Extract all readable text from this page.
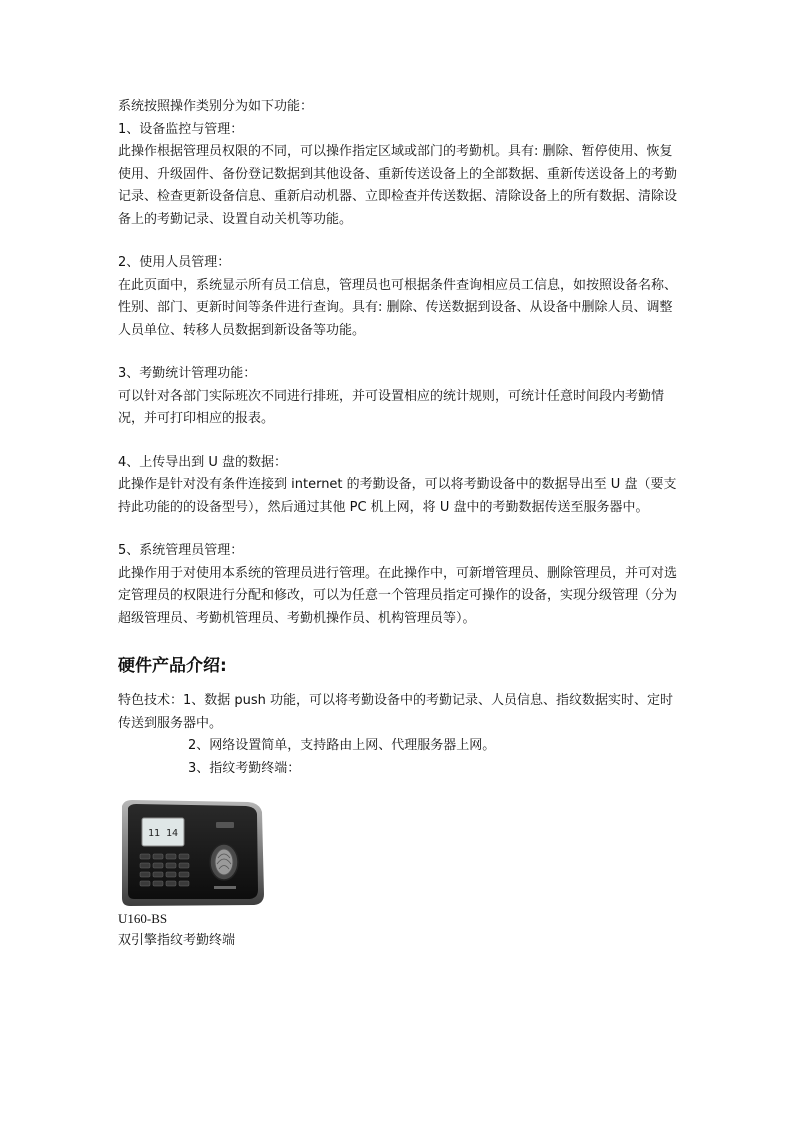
系统按照操作类别分为如下功能：

1、设备监控与管理：

此操作根据管理员权限的不同，可以操作指定区域或部门的考勤机。具有: 删除、暂停使用、恢复使用、升级固件、备份登记数据到其他设备、重新传送设备上的全部数据、重新传送设备上的考勤记录、检查更新设备信息、重新启动机器、立即检查并传送数据、清除设备上的所有数据、清除设备上的考勤记录、设置自动关机等功能。

2、使用人员管理：

在此页面中，系统显示所有员工信息，管理员也可根据条件查询相应员工信息，如按照设备名称、性别、部门、更新时间等条件进行查询。具有: 删除、传送数据到设备、从设备中删除人员、调整人员单位、转移人员数据到新设备等功能。

3、考勤统计管理功能：

可以针对各部门实际班次不同进行排班，并可设置相应的统计规则，可统计任意时间段内考勤情况，并可打印相应的报表。

4、上传导出到 U 盘的数据：

此操作是针对没有条件连接到 internet 的考勤设备，可以将考勤设备中的数据导出至 U 盘（要支持此功能的的设备型号），然后通过其他 PC 机上网，将 U 盘中的考勤数据传送至服务器中。

5、系统管理员管理：

此操作用于对使用本系统的管理员进行管理。在此操作中，可新增管理员、删除管理员，并可对选定管理员的权限进行分配和修改，可以为任意一个管理员指定可操作的设备，实现分级管理（分为超级管理员、考勤机管理员、考勤机操作员、机构管理员等）。

硬件产品介绍:

特色技术：1、数据 push 功能，可以将考勤设备中的考勤记录、人员信息、指纹数据实时、定时传送到服务器中。

2、网络设置简单，支持路由上网、代理服务器上网。

3、指纹考勤终端：

11 14
U160-BS
双引擎指纹考勤终端
